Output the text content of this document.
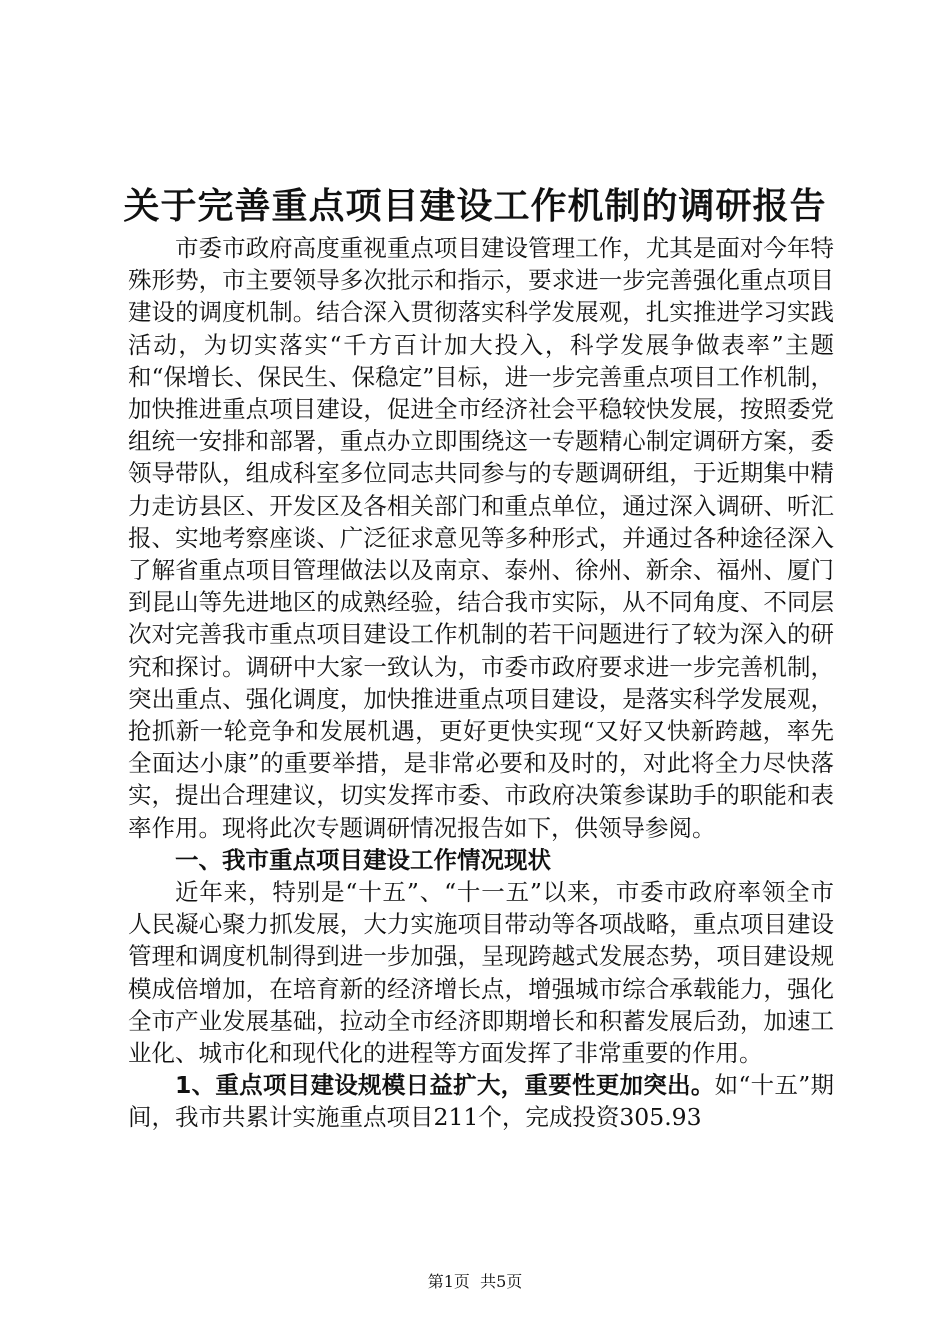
关于完善重点项目建设工作机制的调研报告

市委市政府高度重视重点项目建设管理工作，尤其是面对今年特殊形势，市主要领导多次批示和指示，要求进一步完善强化重点项目建设的调度机制。结合深入贯彻落实科学发展观，扎实推进学习实践活动，为切实落实“千方百计加大投入，科学发展争做表率”主题和“保增长、保民生、保稳定”目标，进一步完善重点项目工作机制，加快推进重点项目建设，促进全市经济社会平稳较快发展，按照委党组统一安排和部署，重点办立即围绕这一专题精心制定调研方案，委领导带队，组成科室多位同志共同参与的专题调研组，于近期集中精力走访县区、开发区及各相关部门和重点单位，通过深入调研、听汇报、实地考察座谈、广泛征求意见等多种形式，并通过各种途径深入了解省重点项目管理做法以及南京、泰州、徐州、新余、福州、厦门到昆山等先进地区的成熟经验，结合我市实际，从不同角度、不同层次对完善我市重点项目建设工作机制的若干问题进行了较为深入的研究和探讨。调研中大家一致认为，市委市政府要求进一步完善机制，突出重点、强化调度，加快推进重点项目建设，是落实科学发展观，抢抓新一轮竞争和发展机遇，更好更快实现“又好又快新跨越，率先全面达小康”的重要举措，是非常必要和及时的，对此将全力尽快落实，提出合理建议，切实发挥市委、市政府决策参谋助手的职能和表率作用。现将此次专题调研情况报告如下，供领导参阅。

一、我市重点项目建设工作情况现状

近年来，特别是“十五”、“十一五”以来，市委市政府率领全市人民凝心聚力抓发展，大力实施项目带动等各项战略，重点项目建设管理和调度机制得到进一步加强，呈现跨越式发展态势，项目建设规模成倍增加，在培育新的经济增长点，增强城市综合承载能力，强化全市产业发展基础，拉动全市经济即期增长和积蓄发展后劲，加速工业化、城市化和现代化的进程等方面发挥了非常重要的作用。

1、重点项目建设规模日益扩大，重要性更加突出。如“十五”期间，我市共累计实施重点项目211个，完成投资305.93

第1页  共5页
